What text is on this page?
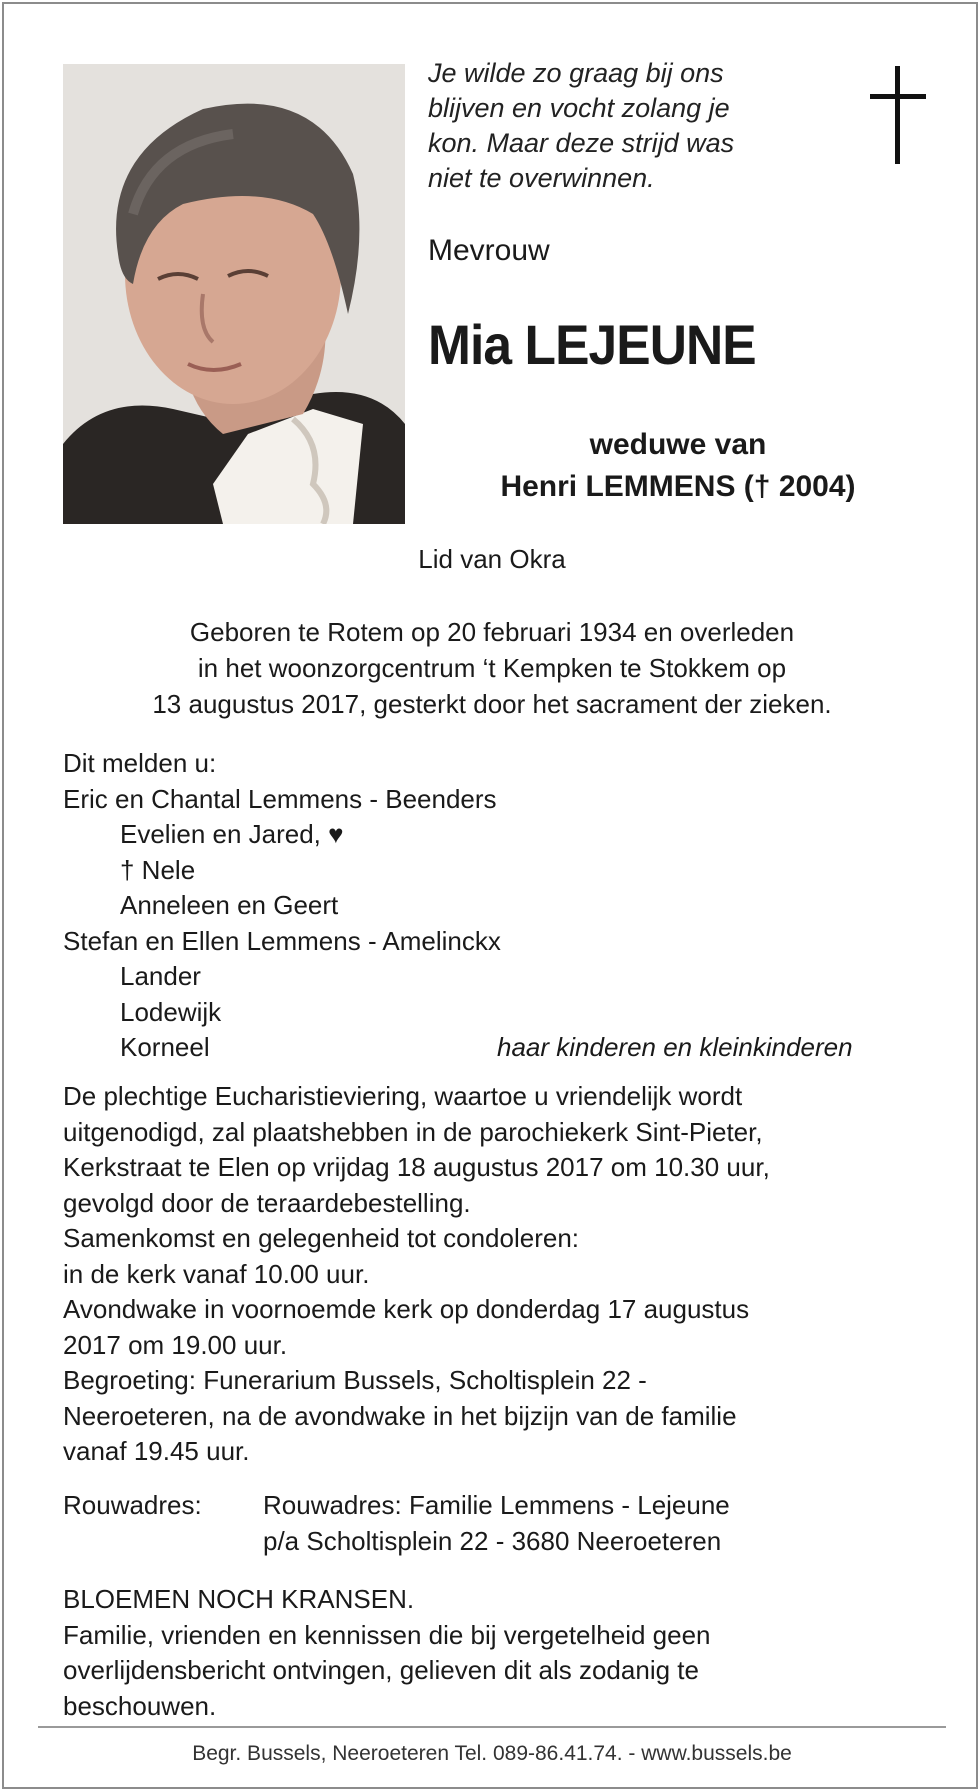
Je wilde zo graag bij ons
blijven en vocht zolang je
kon. Maar deze strijd was
niet te overwinnen.
Mevrouw
Mia LEJEUNE
weduwe van
Henri LEMMENS († 2004)
Lid van Okra
Geboren te Rotem op 20 februari 1934 en overleden
in het woonzorgcentrum ‘t Kempken te Stokkem op
13 augustus 2017, gesterkt door het sacrament der zieken.
Dit melden u:
Eric en Chantal Lemmens - Beenders
Evelien en Jared, ♥
† Nele
Anneleen en Geert
Stefan en Ellen Lemmens - Amelinckx
Lander
Lodewijk
Korneel	haar kinderen en kleinkinderen
De plechtige Eucharistieviering, waartoe u vriendelijk wordt
uitgenodigd, zal plaatshebben in de parochiekerk Sint-Pieter,
Kerkstraat te Elen op vrijdag 18 augustus 2017 om 10.30 uur,
gevolgd door de teraardebestelling.
Samenkomst en gelegenheid tot condoleren:
in de kerk vanaf 10.00 uur.
Avondwake in voornoemde kerk op donderdag 17 augustus
2017 om 19.00 uur.
Begroeting: Funerarium Bussels, Scholtisplein 22 -
Neeroeteren, na de avondwake in het bijzijn van de familie
vanaf 19.45 uur.
Rouwadres: Rouwadres: Familie Lemmens - Lejeune
p/a Scholtisplein 22 - 3680 Neeroeteren
BLOEMEN NOCH KRANSEN.
Familie, vrienden en kennissen die bij vergetelheid geen
overlijdensbericht ontvingen, gelieven dit als zodanig te
beschouwen.
Begr. Bussels, Neeroeteren Tel. 089-86.41.74. - www.bussels.be
